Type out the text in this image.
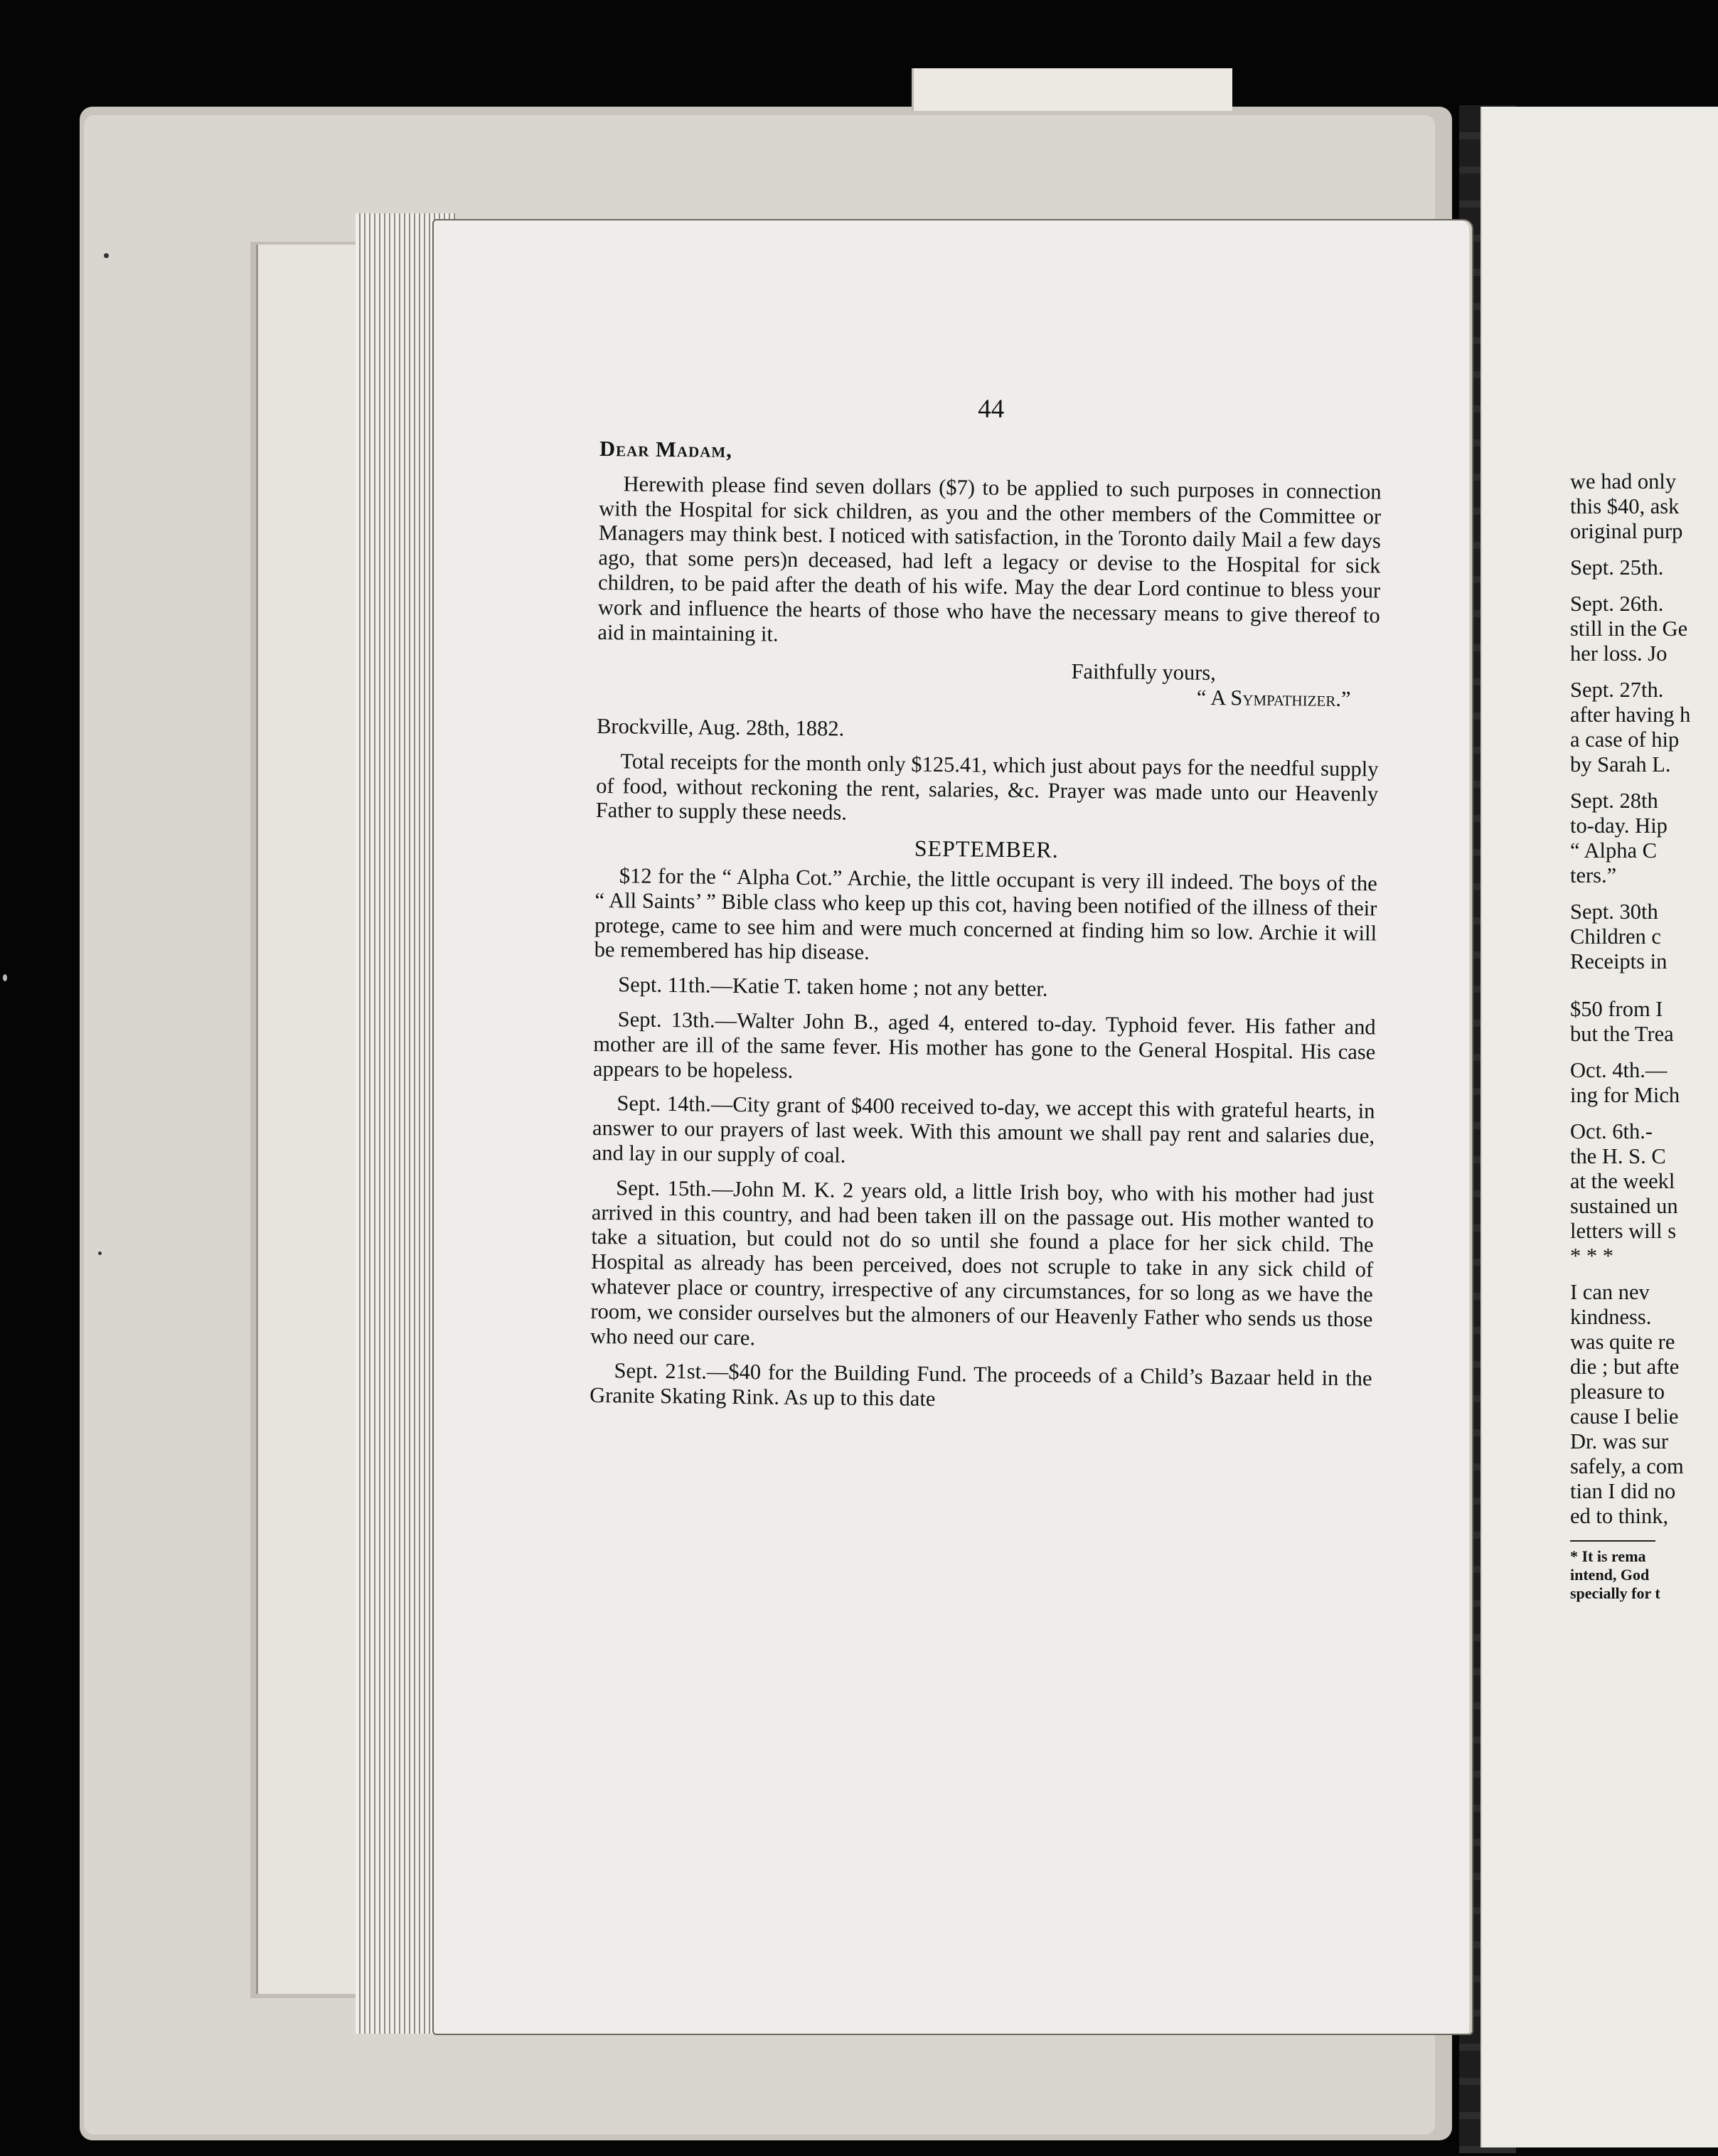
44

Dear Madam,

Herewith please find seven dollars ($7) to be applied to such purposes in connection with the Hospital for sick children, as you and the other members of the Committee or Managers may think best. I noticed with satisfaction, in the Toronto daily Mail a few days ago, that some pers)n deceased, had left a legacy or devise to the Hospital for sick children, to be paid after the death of his wife. May the dear Lord continue to bless your work and influence the hearts of those who have the necessary means to give thereof to aid in maintaining it.

Faithfully yours,

“ A Sympathizer.”

Brockville, Aug. 28th, 1882.

Total receipts for the month only $125.41, which just about pays for the needful supply of food, without reckoning the rent, salaries, &c. Prayer was made unto our Heavenly Father to supply these needs.

SEPTEMBER.

$12 for the “ Alpha Cot.” Archie, the little occupant is very ill indeed. The boys of the “ All Saints’ ” Bible class who keep up this cot, having been notified of the illness of their protege, came to see him and were much concerned at finding him so low. Archie it will be remembered has hip disease.

Sept. 11th.—Katie T. taken home ; not any better.

Sept. 13th.—Walter John B., aged 4, entered to-day. Typhoid fever. His father and mother are ill of the same fever. His mother has gone to the General Hospital. His case appears to be hopeless.

Sept. 14th.—City grant of $400 received to-day, we accept this with grateful hearts, in answer to our prayers of last week. With this amount we shall pay rent and salaries due, and lay in our supply of coal.

Sept. 15th.—John M. K. 2 years old, a little Irish boy, who with his mother had just arrived in this country, and had been taken ill on the passage out. His mother wanted to take a situation, but could not do so until she found a place for her sick child. The Hospital as already has been perceived, does not scruple to take in any sick child of whatever place or country, irrespective of any circumstances, for so long as we have the room, we consider ourselves but the almoners of our Heavenly Father who sends us those who need our care.

Sept. 21st.—$40 for the Building Fund. The proceeds of a Child’s Bazaar held in the Granite Skating Rink. As up to this date

we had only
this $40, ask
original purp
Sept. 25th.
Sept. 26th.
still in the Ge
her loss. Jo
Sept. 27th.
after having h
a case of hip
by Sarah L.
Sept. 28th
to-day. Hip
“ Alpha C
ters.”
Sept. 30th
Children c
Receipts in
$50 from I
but the Trea
Oct. 4th.—
ing for Mich
Oct. 6th.-
the H. S. C
at the weekl
sustained un
letters will s
* * *
I can nev
kindness.
was quite re
die ; but afte
pleasure to
cause I belie
Dr. was sur
safely, a com
tian I did no
ed to think,
* It is rema
intend, God
specially for t
